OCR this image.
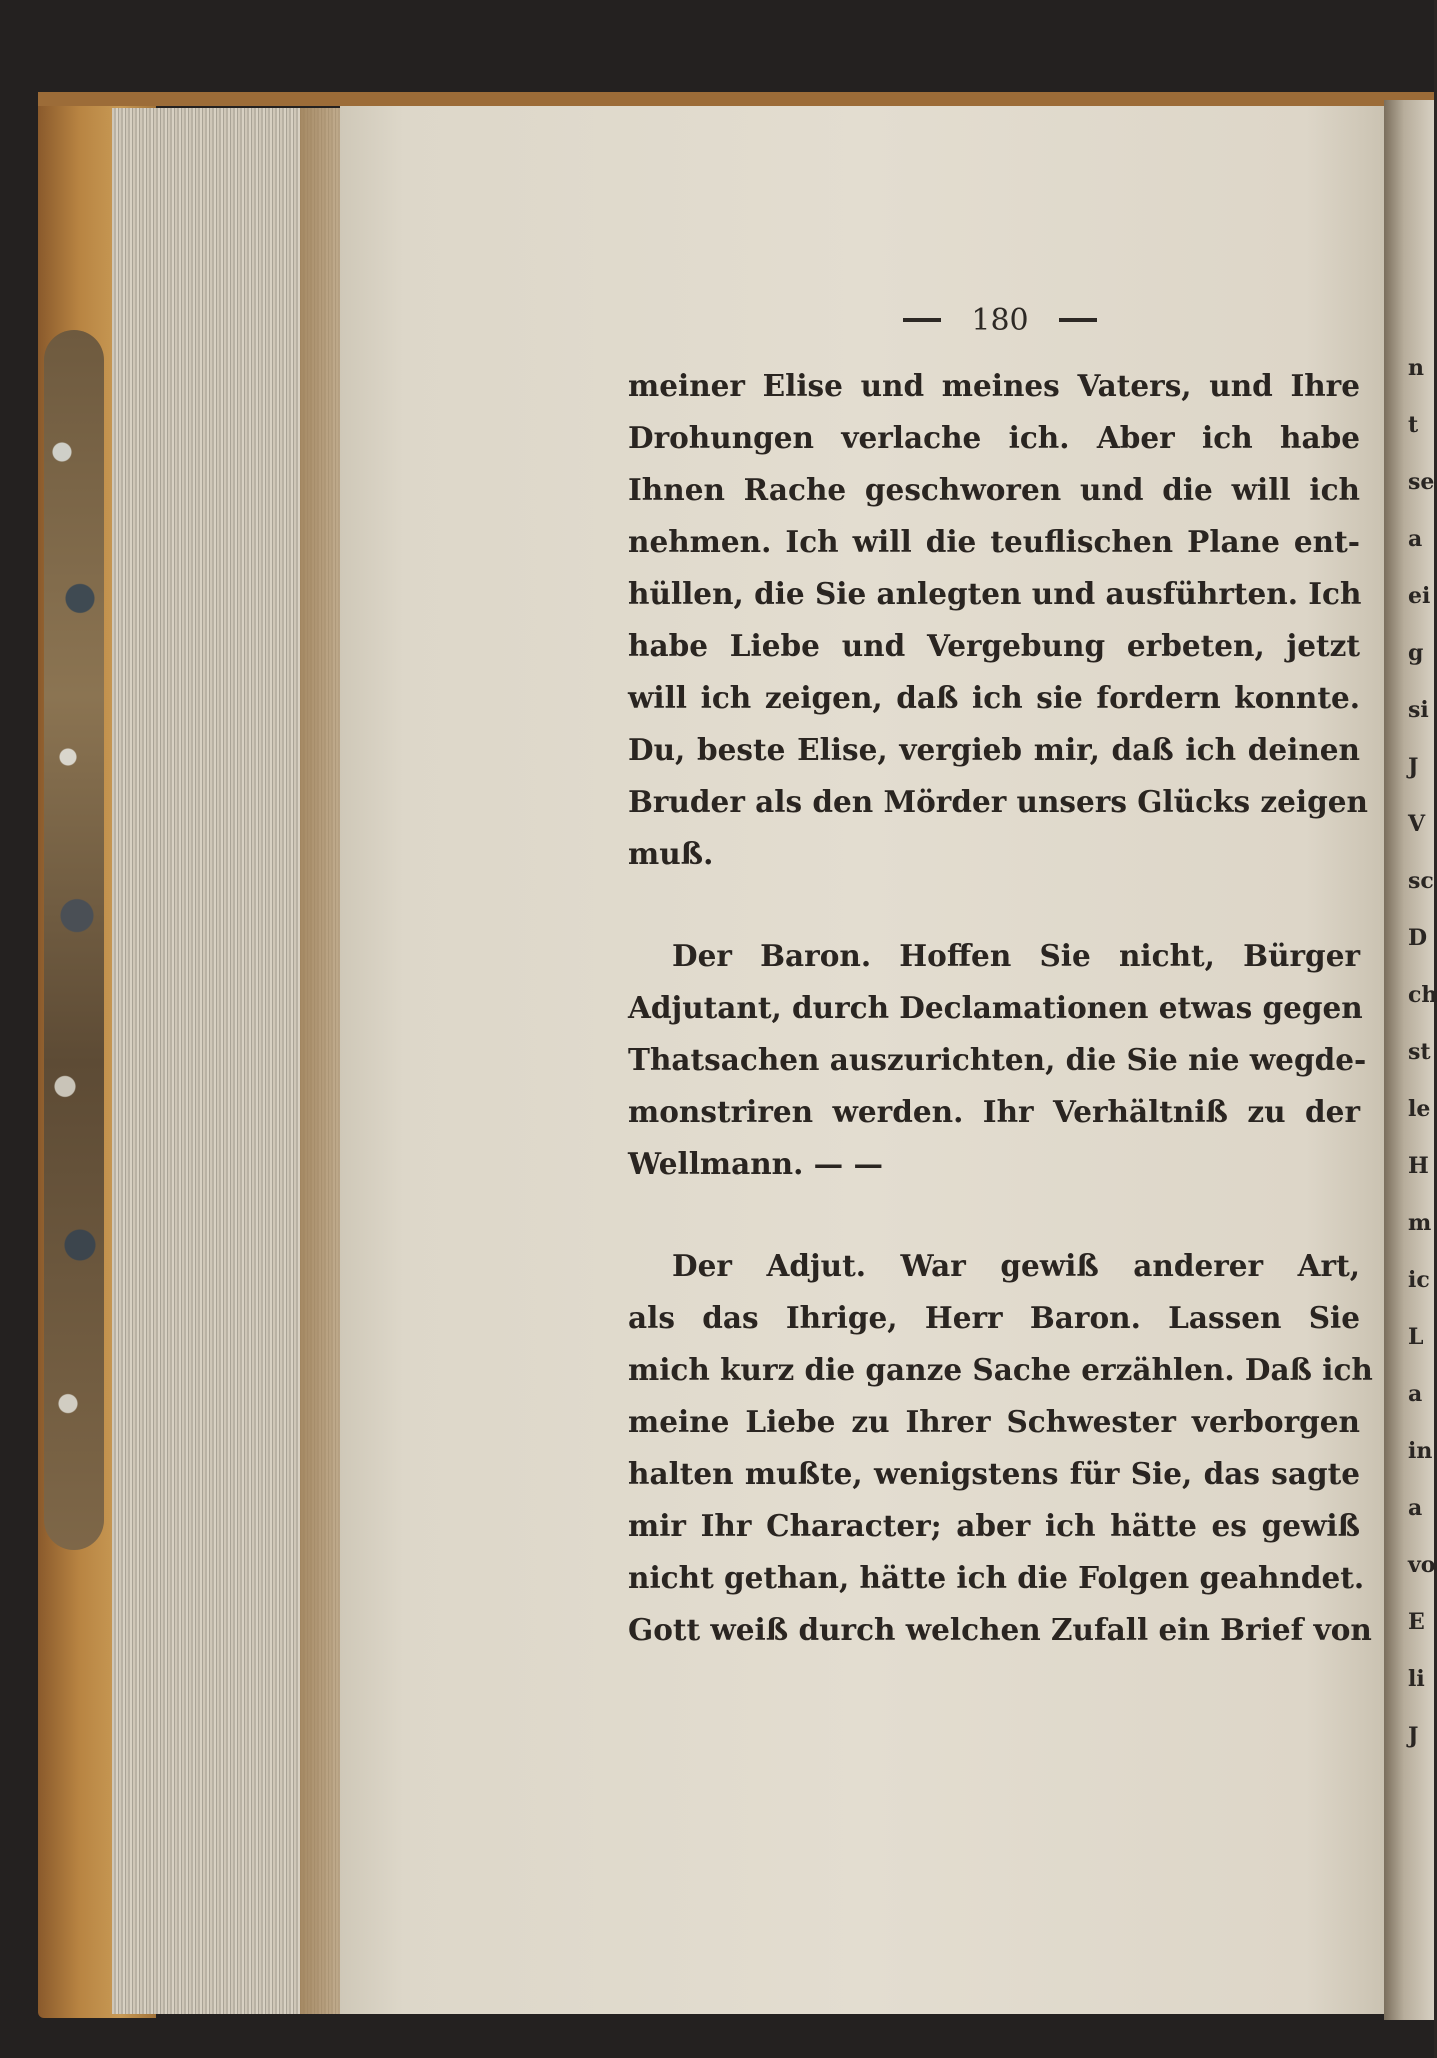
n
t
se
a
ei
g
si
J
V
sc
D
ch
st
le
H
m
ic
L
a
in
a
vo
E
li
J
180
meiner Elise und meines Vaters, und Ihre
Drohungen verlache ich. Aber ich habe
Ihnen Rache geschworen und die will ich
nehmen. Ich will die teuflischen Plane ent-
hüllen, die Sie anlegten und ausführten. Ich
habe Liebe und Vergebung erbeten, jetzt
will ich zeigen, daß ich sie fordern konnte.
Du, beste Elise, vergieb mir, daß ich deinen
Bruder als den Mörder unsers Glücks zeigen
muß.
Der Baron. Hoffen Sie nicht, Bürger
Adjutant, durch Declamationen etwas gegen
Thatsachen auszurichten, die Sie nie wegde-
monstriren werden. Ihr Verhältniß zu der
Wellmann. — —
Der Adjut. War gewiß anderer Art,
als das Ihrige, Herr Baron. Lassen Sie
mich kurz die ganze Sache erzählen. Daß ich
meine Liebe zu Ihrer Schwester verborgen
halten mußte, wenigstens für Sie, das sagte
mir Ihr Character; aber ich hätte es gewiß
nicht gethan, hätte ich die Folgen geahndet.
Gott weiß durch welchen Zufall ein Brief von
